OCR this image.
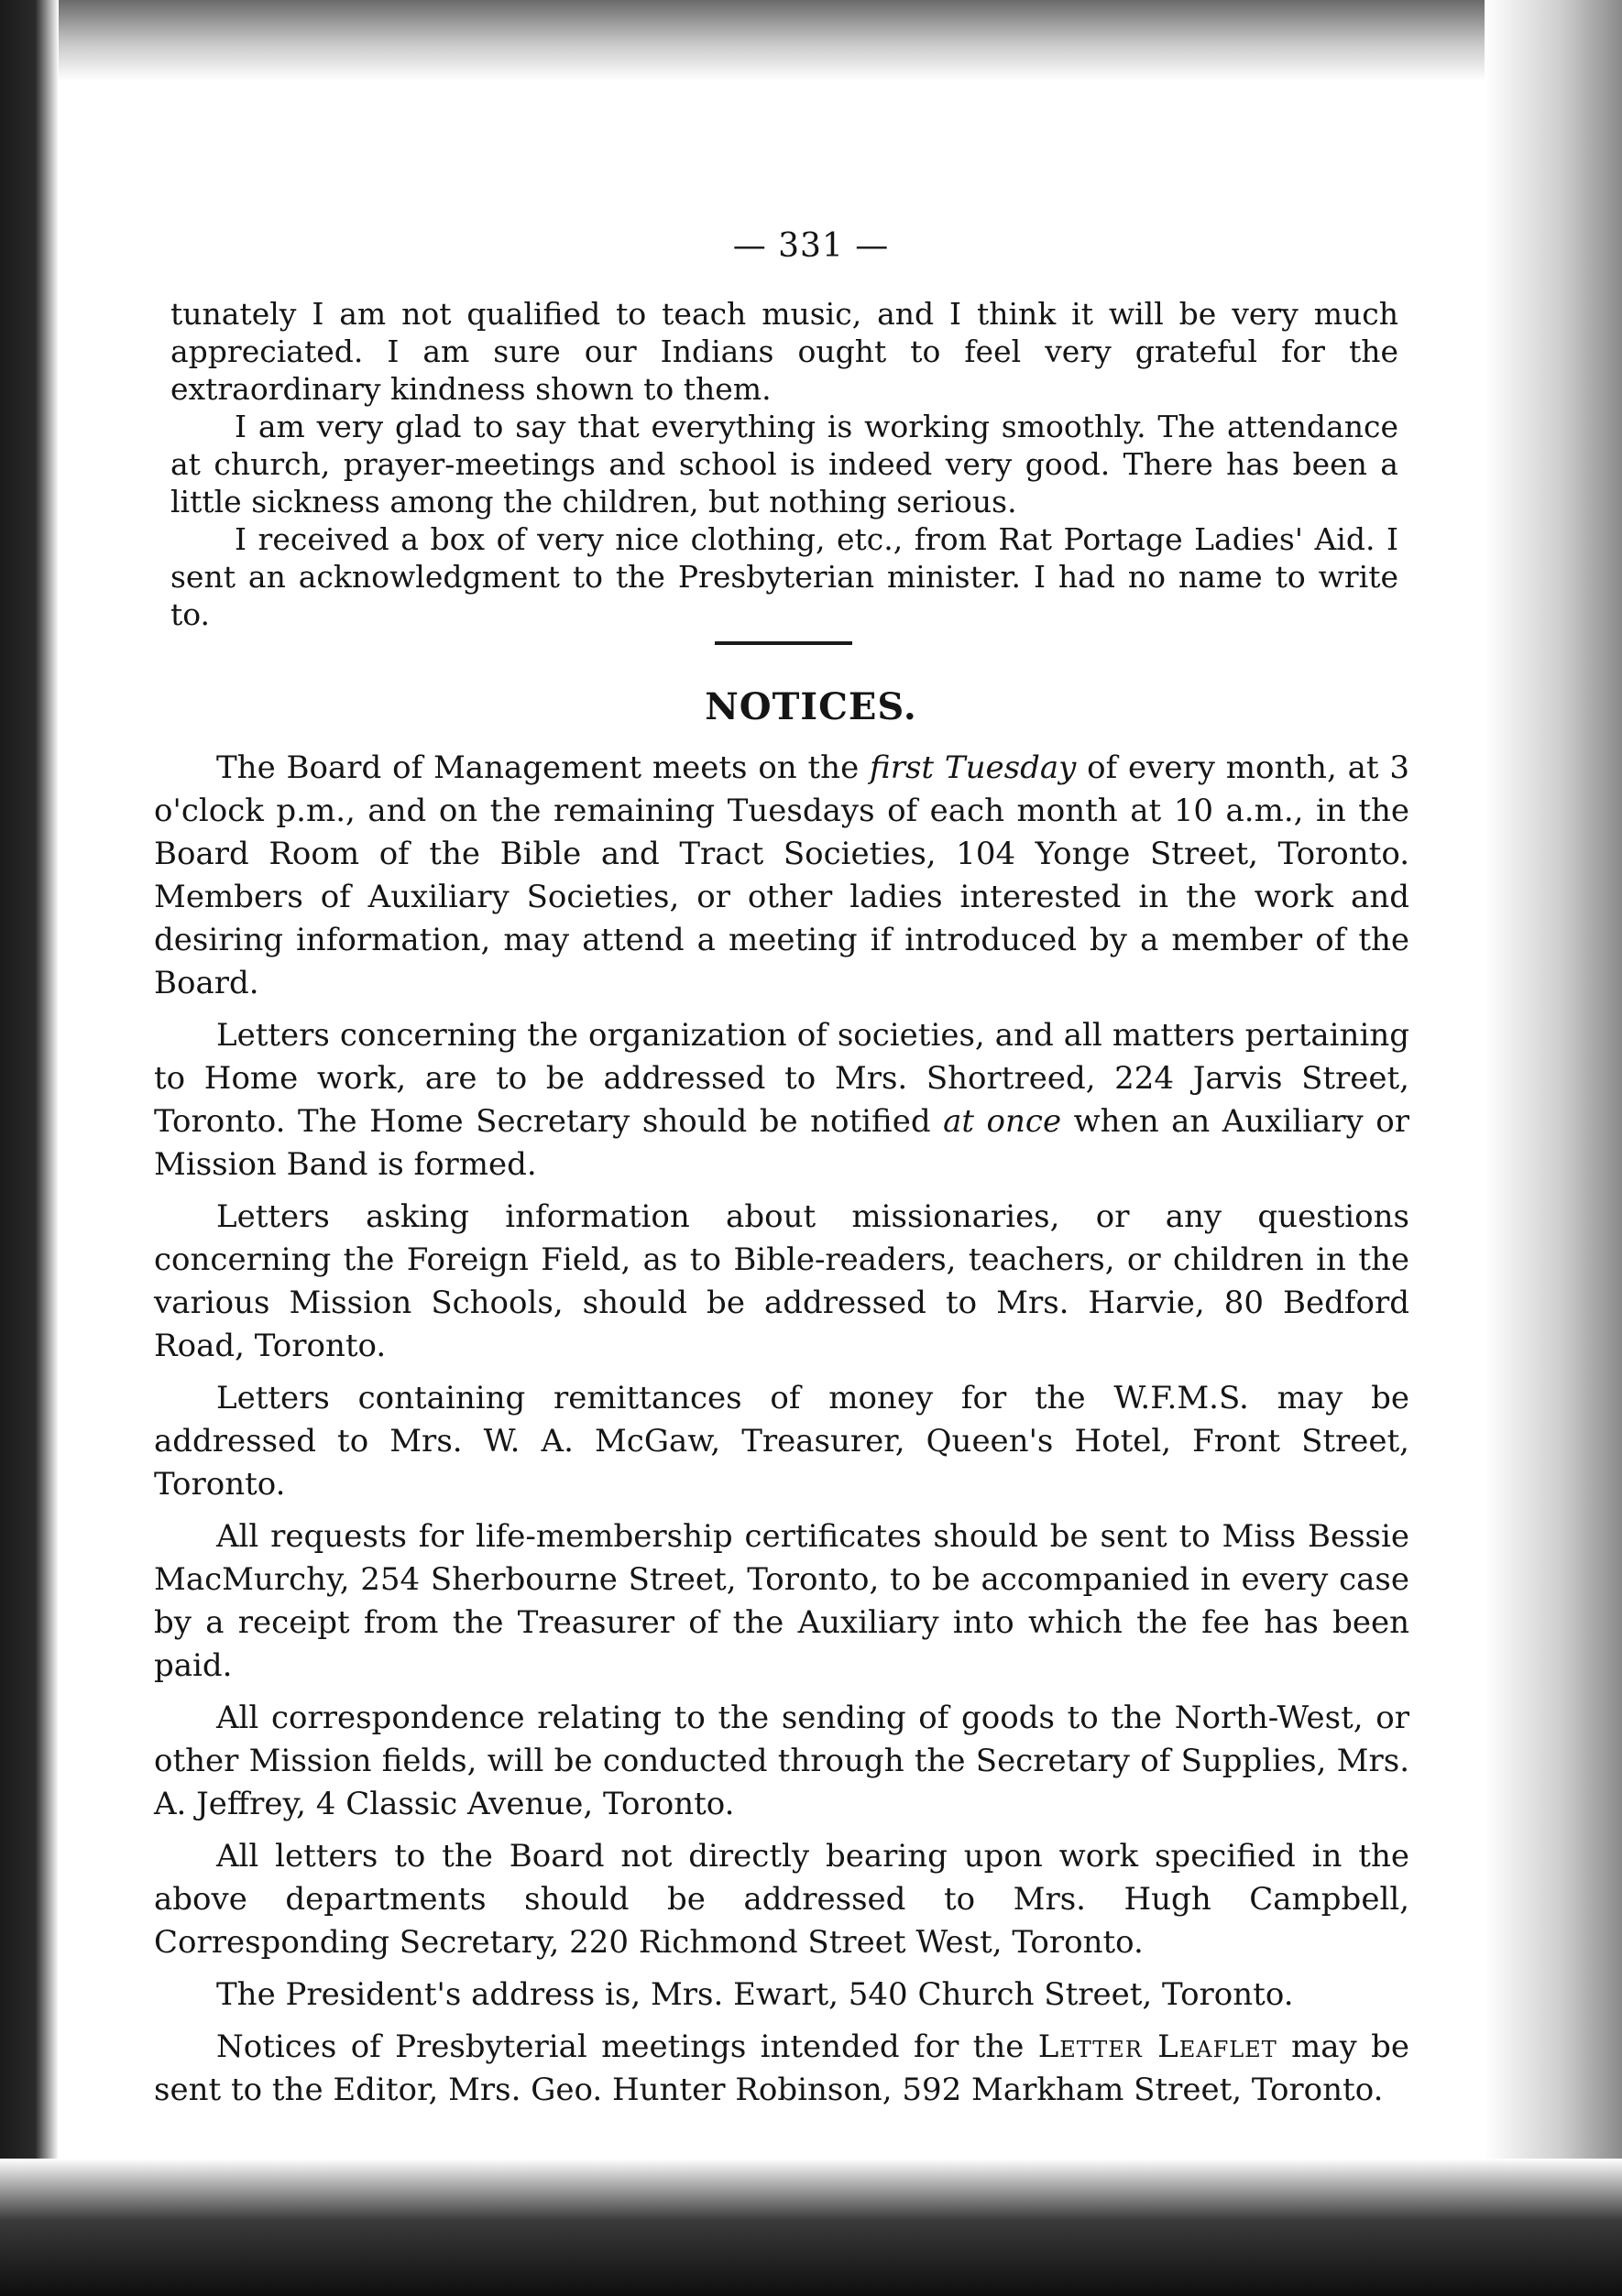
— 331 —

tunately I am not qualified to teach music, and I think it will be very much appreciated. I am sure our Indians ought to feel very grateful for the extraordinary kindness shown to them.

I am very glad to say that everything is working smoothly. The attendance at church, prayer-meetings and school is indeed very good. There has been a little sickness among the children, but nothing serious.

I received a box of very nice clothing, etc., from Rat Portage Ladies' Aid. I sent an acknowledgment to the Presbyterian minister. I had no name to write to.

NOTICES.

The Board of Management meets on the first Tuesday of every month, at 3 o'clock p.m., and on the remaining Tuesdays of each month at 10 a.m., in the Board Room of the Bible and Tract Societies, 104 Yonge Street, Toronto. Members of Auxiliary Societies, or other ladies interested in the work and desiring information, may attend a meeting if introduced by a member of the Board.

Letters concerning the organization of societies, and all matters pertaining to Home work, are to be addressed to Mrs. Shortreed, 224 Jarvis Street, Toronto. The Home Secretary should be notified at once when an Auxiliary or Mission Band is formed.

Letters asking information about missionaries, or any questions concerning the Foreign Field, as to Bible-readers, teachers, or children in the various Mission Schools, should be addressed to Mrs. Harvie, 80 Bedford Road, Toronto.

Letters containing remittances of money for the W.F.M.S. may be addressed to Mrs. W. A. McGaw, Treasurer, Queen's Hotel, Front Street, Toronto.

All requests for life-membership certificates should be sent to Miss Bessie MacMurchy, 254 Sherbourne Street, Toronto, to be accompanied in every case by a receipt from the Treasurer of the Auxiliary into which the fee has been paid.

All correspondence relating to the sending of goods to the North-West, or other Mission fields, will be conducted through the Secretary of Supplies, Mrs. A. Jeffrey, 4 Classic Avenue, Toronto.

All letters to the Board not directly bearing upon work specified in the above departments should be addressed to Mrs. Hugh Campbell, Corresponding Secretary, 220 Richmond Street West, Toronto.

The President's address is, Mrs. Ewart, 540 Church Street, Toronto.

Notices of Presbyterial meetings intended for the Letter Leaflet may be sent to the Editor, Mrs. Geo. Hunter Robinson, 592 Markham Street, Toronto.
